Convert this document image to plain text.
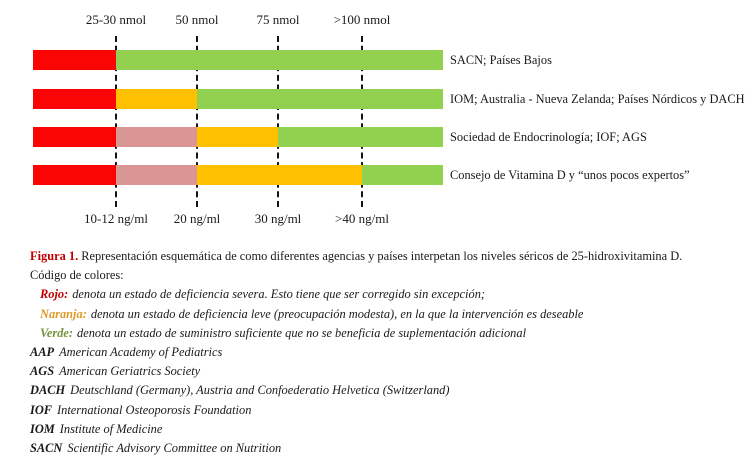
25-30 nmol
10-12 ng/ml
50 nmol
20 ng/ml
75 nmol
30 ng/ml
>100 nmol
>40 ng/ml
SACN; Países Bajos
IOM; Australia - Nueva Zelanda; Países Nórdicos y DACH
Sociedad de Endocrinología; IOF; AGS
Consejo de Vitamina D y “unos pocos expertos”

Figura 1. Representación esquemática de como diferentes agencias y países interpetan los niveles séricos de 25-hidroxivitamina D.

Código de colores:

Rojo: denota un estado de deficiencia severa. Esto tiene que ser corregido sin excepción;

Naranja: denota un estado de deficiencia leve (preocupación modesta), en la que la intervención es deseable

Verde: denota un estado de suministro suficiente que no se beneficia de suplementación adicional

AAP American Academy of Pediatrics

AGS American Geriatrics Society

DACH Deutschland (Germany), Austria and Confoederatio Helvetica (Switzerland)

IOF International Osteoporosis Foundation

IOM Institute of Medicine

SACN Scientific Advisory Committee on Nutrition
